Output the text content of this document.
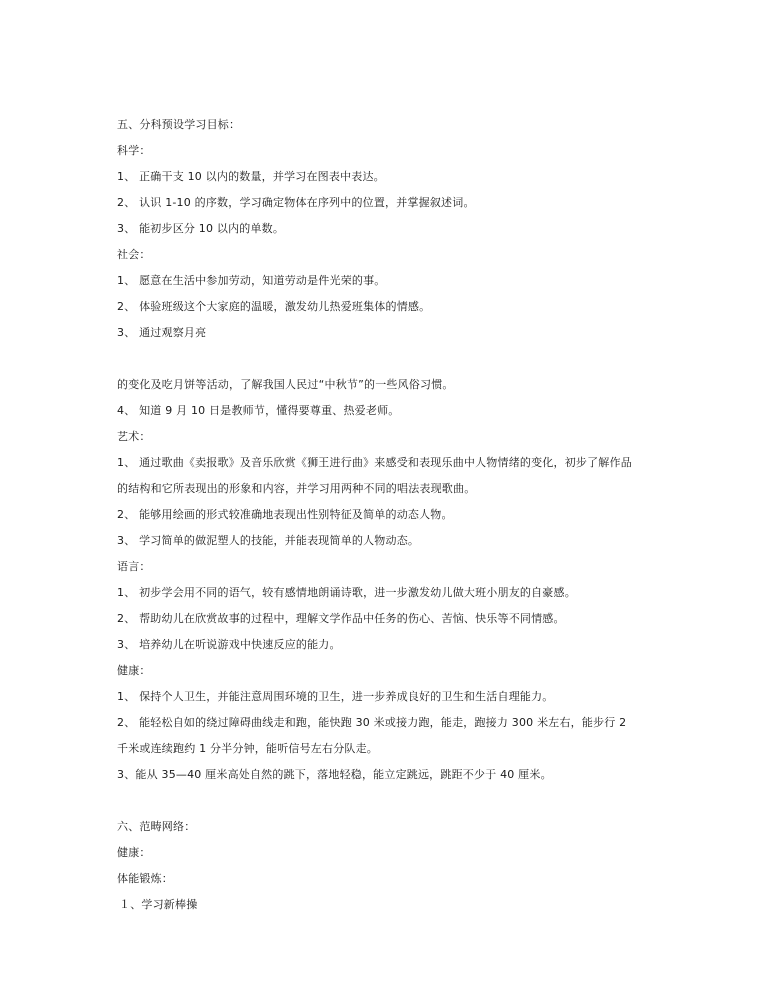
五、分科预设学习目标：
科学：
1、 正确干支 10 以内的数量，并学习在图表中表达。
2、 认识 1-10 的序数，学习确定物体在序列中的位置，并掌握叙述词。
3、 能初步区分 10 以内的单数。
社会：
1、 愿意在生活中参加劳动，知道劳动是件光荣的事。
2、 体验班级这个大家庭的温暖，激发幼儿热爱班集体的情感。
3、 通过观察月亮
的变化及吃月饼等活动，了解我国人民过“中秋节”的一些风俗习惯。
4、 知道 9 月 10 日是教师节，懂得要尊重、热爱老师。
艺术：
1、 通过歌曲《卖报歌》及音乐欣赏《狮王进行曲》来感受和表现乐曲中人物情绪的变化，初步了解作品
的结构和它所表现出的形象和内容，并学习用两种不同的唱法表现歌曲。
2、 能够用绘画的形式较准确地表现出性别特征及简单的动态人物。
3、 学习简单的做泥塑人的技能，并能表现简单的人物动态。
语言：
1、 初步学会用不同的语气，较有感情地朗诵诗歌，进一步激发幼儿做大班小朋友的自豪感。
2、 帮助幼儿在欣赏故事的过程中，理解文学作品中任务的伤心、苦恼、快乐等不同情感。
3、 培养幼儿在听说游戏中快速反应的能力。
健康：
1、 保持个人卫生，并能注意周围环境的卫生，进一步养成良好的卫生和生活自理能力。
2、 能轻松自如的绕过障碍曲线走和跑，能快跑 30 米或接力跑，能走，跑接力 300 米左右，能步行 2
千米或连续跑约 1 分半分钟，能听信号左右分队走。
3、能从 35—40 厘米高处自然的跳下，落地轻稳，能立定跳远，跳距不少于 40 厘米。
六、范畴网络：
健康：
体能锻炼：
１、学习新棒操
